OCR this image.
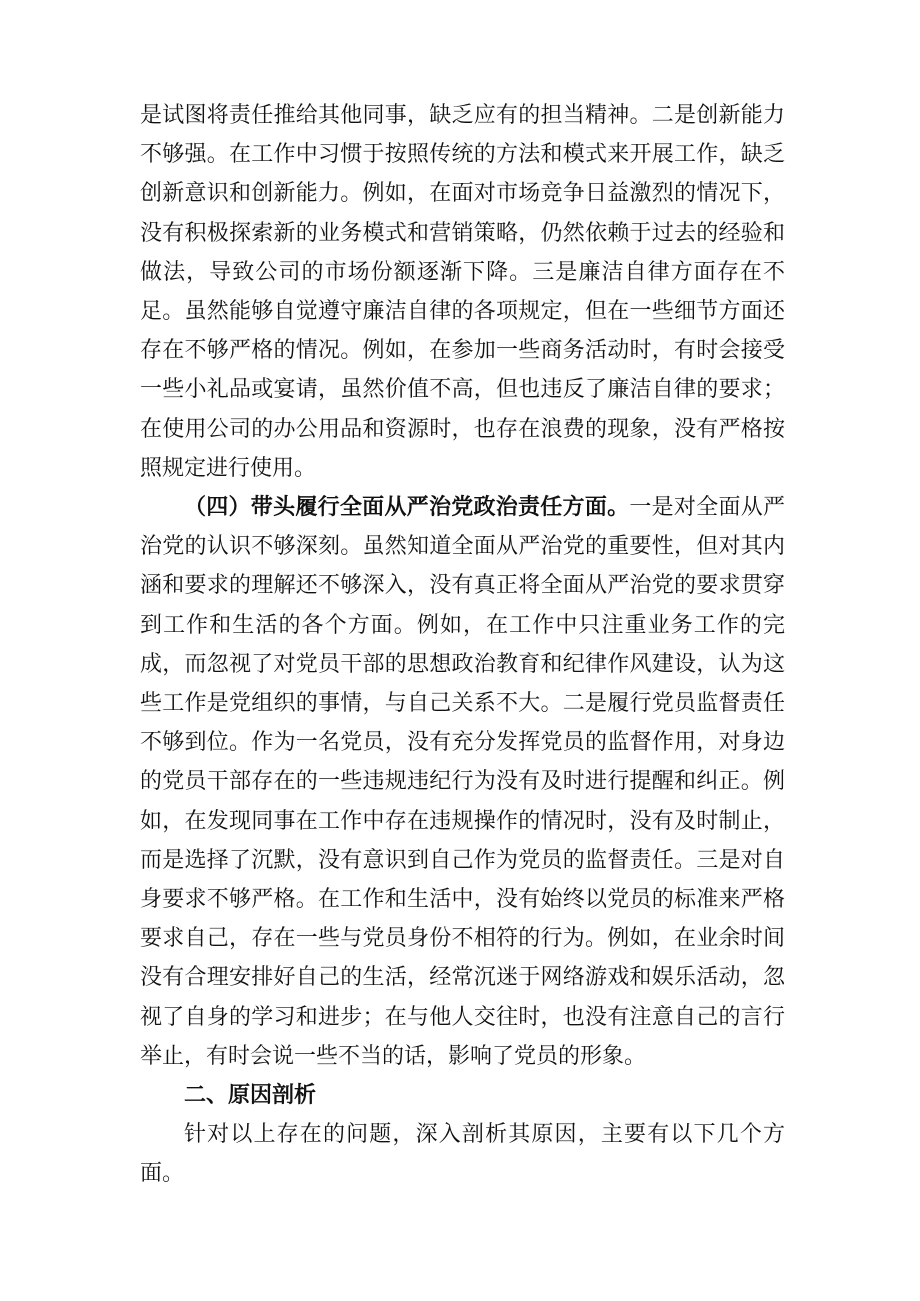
是试图将责任推给其他同事，缺乏应有的担当精神。二是创新能力不够强。在工作中习惯于按照传统的方法和模式来开展工作，缺乏创新意识和创新能力。例如，在面对市场竞争日益激烈的情况下，没有积极探索新的业务模式和营销策略，仍然依赖于过去的经验和做法，导致公司的市场份额逐渐下降。三是廉洁自律方面存在不足。虽然能够自觉遵守廉洁自律的各项规定，但在一些细节方面还存在不够严格的情况。例如，在参加一些商务活动时，有时会接受一些小礼品或宴请，虽然价值不高，但也违反了廉洁自律的要求；在使用公司的办公用品和资源时，也存在浪费的现象，没有严格按照规定进行使用。

（四）带头履行全面从严治党政治责任方面。一是对全面从严治党的认识不够深刻。虽然知道全面从严治党的重要性，但对其内涵和要求的理解还不够深入，没有真正将全面从严治党的要求贯穿到工作和生活的各个方面。例如，在工作中只注重业务工作的完成，而忽视了对党员干部的思想政治教育和纪律作风建设，认为这些工作是党组织的事情，与自己关系不大。二是履行党员监督责任不够到位。作为一名党员，没有充分发挥党员的监督作用，对身边的党员干部存在的一些违规违纪行为没有及时进行提醒和纠正。例如，在发现同事在工作中存在违规操作的情况时，没有及时制止，而是选择了沉默，没有意识到自己作为党员的监督责任。三是对自身要求不够严格。在工作和生活中，没有始终以党员的标准来严格要求自己，存在一些与党员身份不相符的行为。例如，在业余时间没有合理安排好自己的生活，经常沉迷于网络游戏和娱乐活动，忽视了自身的学习和进步；在与他人交往时，也没有注意自己的言行举止，有时会说一些不当的话，影响了党员的形象。

二、原因剖析

针对以上存在的问题，深入剖析其原因，主要有以下几个方面。
